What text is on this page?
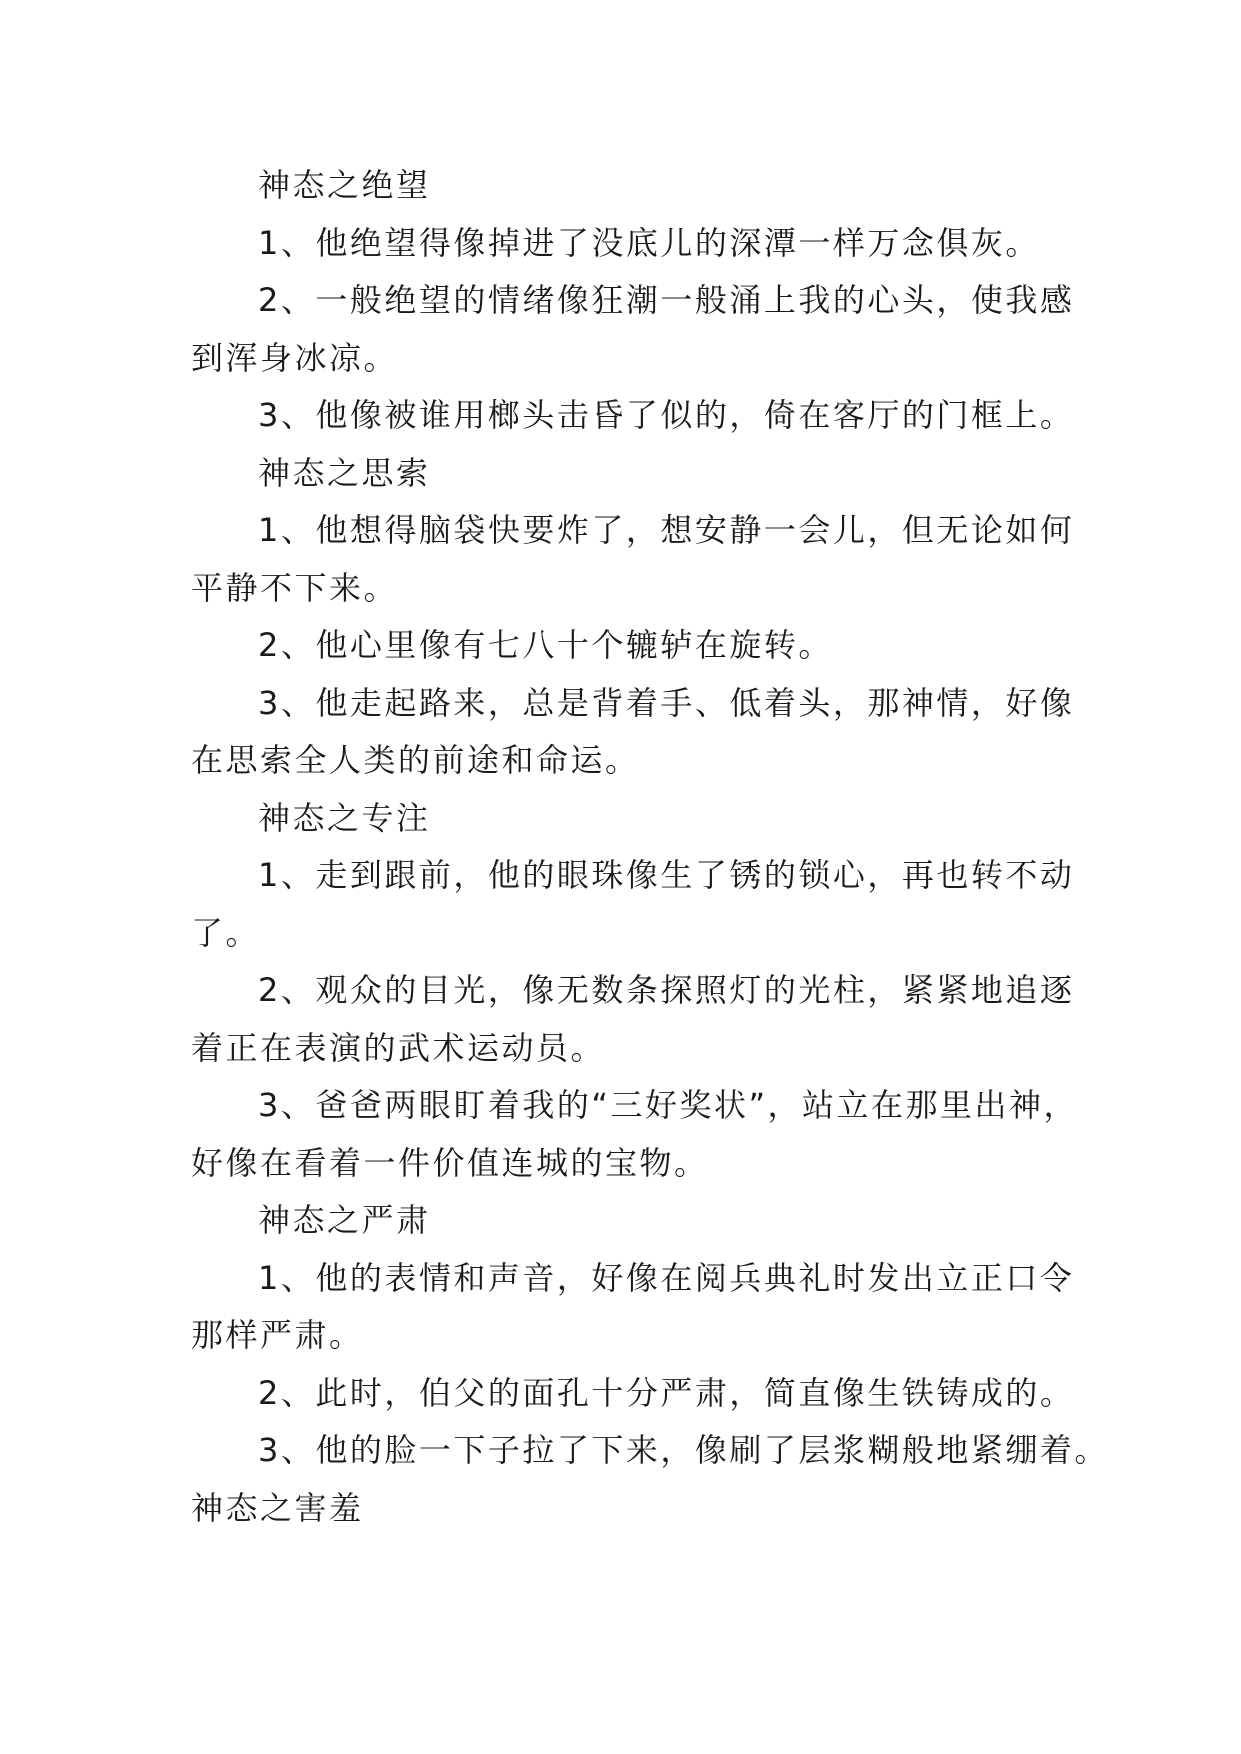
神态之绝望
1、他绝望得像掉进了没底儿的深潭一样万念俱灰。
2、一般绝望的情绪像狂潮一般涌上我的心头，使我感
到浑身冰凉。
3、他像被谁用榔头击昏了似的，倚在客厅的门框上。
神态之思索
1、他想得脑袋快要炸了，想安静一会儿，但无论如何
平静不下来。
2、他心里像有七八十个辘轳在旋转。
3、他走起路来，总是背着手、低着头，那神情，好像
在思索全人类的前途和命运。
神态之专注
1、走到跟前，他的眼珠像生了锈的锁心，再也转不动
了。
2、观众的目光，像无数条探照灯的光柱，紧紧地追逐
着正在表演的武术运动员。
3、爸爸两眼盯着我的“三好奖状”，站立在那里出神，
好像在看着一件价值连城的宝物。
神态之严肃
1、他的表情和声音，好像在阅兵典礼时发出立正口令
那样严肃。
2、此时，伯父的面孔十分严肃，简直像生铁铸成的。
3、他的脸一下子拉了下来，像刷了层浆糊般地紧绷着。
神态之害羞
